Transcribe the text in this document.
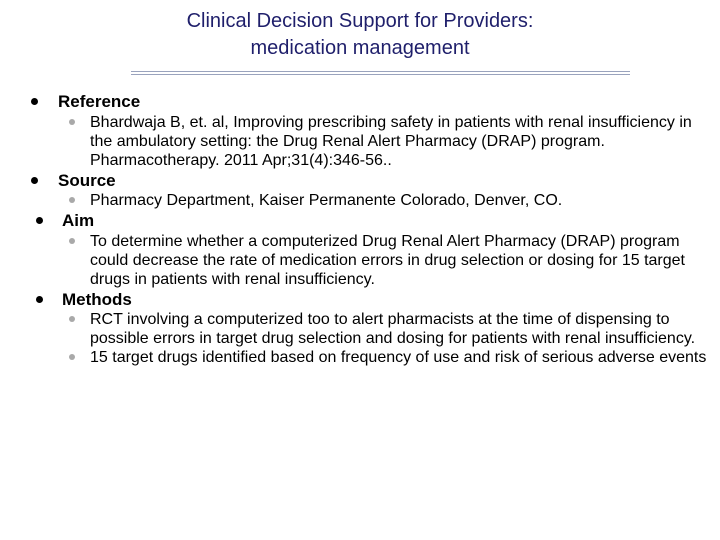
Clinical Decision Support for Providers:
medication management
Reference
Bhardwaja B, et. al, Improving prescribing safety in patients with renal insufficiency in the ambulatory setting: the Drug Renal Alert Pharmacy (DRAP) program. Pharmacotherapy. 2011 Apr;31(4):346-56..
Source
Pharmacy Department, Kaiser Permanente Colorado, Denver, CO.
Aim
To determine whether a computerized Drug Renal Alert Pharmacy (DRAP) program could decrease the rate of medication errors in drug selection or dosing for 15 target drugs in patients with renal insufficiency.
Methods
RCT involving a computerized too to alert pharmacists at the time of dispensing to possible errors in target drug selection and dosing for patients with renal insufficiency.
15 target drugs identified based on frequency of use and risk of serious adverse events
